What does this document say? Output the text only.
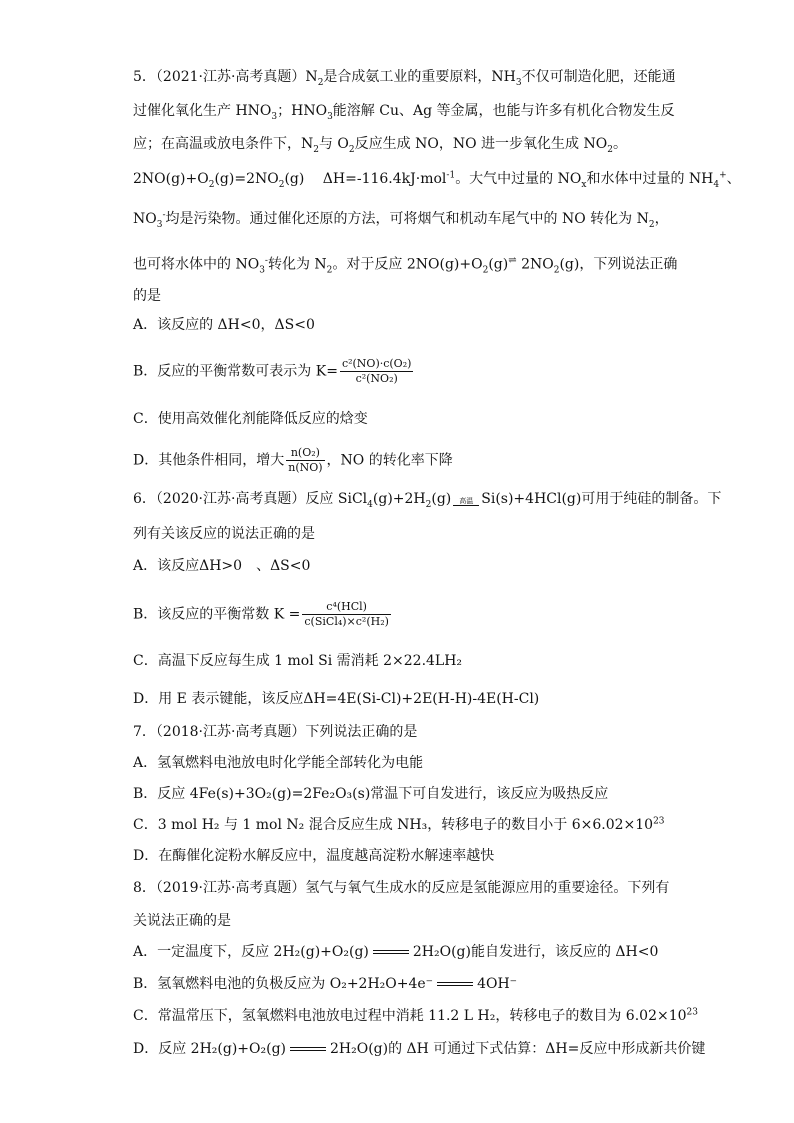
5．（2021·江苏·高考真题）$N_2$是合成氨工业的重要原料，$NH_3$不仅可制造化肥，还能通
过催化氧化生产 $HNO_3$；$HNO_3$能溶解 Cu、Ag 等金属，也能与许多有机化合物发生反
应；在高温或放电条件下，$N_2$与 $O_2$反应生成 NO，NO 进一步氧化生成 $NO_2$。
$2NO(g)+O_2(g)=2NO_2(g)$　 ΔH=-116.4kJ·mol$^{-1}$。大气中过量的 $NO_x$和水体中过量的 $NH_4^+$、
$NO_3^-$均是污染物。通过催化还原的方法，可将烟气和机动车尾气中的 NO 转化为 $N_2$，
也可将水体中的 $NO_3^-$转化为 $N_2$。对于反应 $2NO(g)+O_2(g)^\rightleftharpoons$ $2NO_2(g)$，下列说法正确
的是
A．该反应的 ΔH<0，ΔS<0
B．反应的平衡常数可表示为 $K= \frac{\text{c²(NO)·c(O₂)}}{\text{c²(NO₂)}}$
C．使用高效催化剂能降低反应的焓变
D．其他条件相同，增大 $\frac{\text{n(O₂)}}{n(NO)}$ ，NO 的转化率下降
6．（2020·江苏·高考真题）反应 $SiCl_4(g)+2H_2(g)$	高温 Si(s)+4HCl(g)可用于纯硅的制备。下
列有关该反应的说法正确的是
A．该反应ΔH>0　、ΔS<0
B．该反应的平衡常数 $K = \frac{\text{c⁴(HCl)}}{\text{c(SiCl₄)×c²(H₂)}}$
C．高温下反应每生成 1 mol Si 需消耗 2×22.4LH₂
D．用 E 表示键能，该反应ΔH=4E(Si-Cl)+2E(H-H)-4E(H-Cl)
7．（2018·江苏·高考真题）下列说法正确的是
A．氢氧燃料电池放电时化学能全部转化为电能
B．反应 4Fe(s)+3O₂(g)=2Fe₂O₃(s)常温下可自发进行，该反应为吸热反应
C．3 mol H₂ 与 1 mol N₂ 混合反应生成 NH₃，转移电子的数目小于 $6\times 6.02\times 10^{23}$
D．在酶催化淀粉水解反应中，温度越高淀粉水解速率越快
8．（2019·江苏·高考真题）氢气与氧气生成水的反应是氢能源应用的重要途径。下列有
关说法正确的是
A．一定温度下，反应 2H₂(g)+O₂(g)	2H₂O(g)能自发进行，该反应的 ΔH<0
B．氢氧燃料电池的负极反应为 O₂+2H₂O+4e⁻	4OH⁻
C．常温常压下，氢氧燃料电池放电过程中消耗 11.2 L H₂，转移电子的数目为 $6.02\times 10^{23}$
D．反应 2H₂(g)+O₂(g)	2H₂O(g)的 ΔH 可通过下式估算：ΔH=反应中形成新共价键
